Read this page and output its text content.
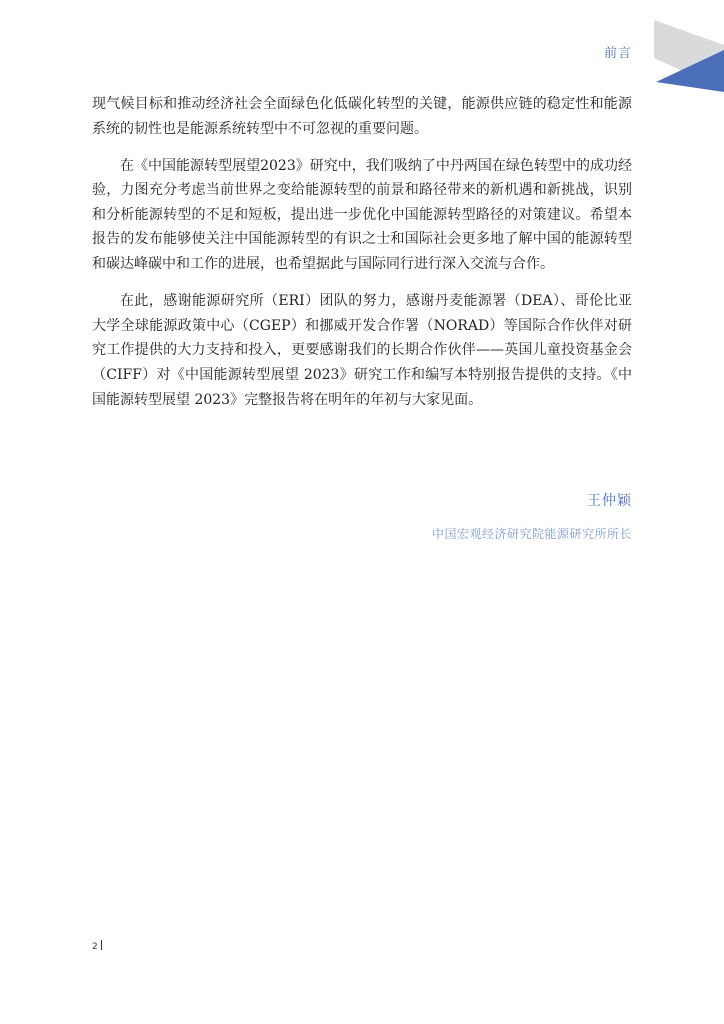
前言

现气候目标和推动经济社会全面绿色化低碳化转型的关键，能源供应链的稳定性和能源系统的韧性也是能源系统转型中不可忽视的重要问题。

在《中国能源转型展望2023》研究中，我们吸纳了中丹两国在绿色转型中的成功经验，力图充分考虑当前世界之变给能源转型的前景和路径带来的新机遇和新挑战，识别和分析能源转型的不足和短板，提出进一步优化中国能源转型路径的对策建议。希望本报告的发布能够使关注中国能源转型的有识之士和国际社会更多地了解中国的能源转型和碳达峰碳中和工作的进展，也希望据此与国际同行进行深入交流与合作。

在此，感谢能源研究所（ERI）团队的努力，感谢丹麦能源署（DEA）、哥伦比亚大学全球能源政策中心（CGEP）和挪威开发合作署（NORAD）等国际合作伙伴对研究工作提供的大力支持和投入，更要感谢我们的长期合作伙伴——英国儿童投资基金会（CIFF）对《中国能源转型展望 2023》研究工作和编写本特别报告提供的支持。《中国能源转型展望 2023》完整报告将在明年的年初与大家见面。

王仲颖
中国宏观经济研究院能源研究所所长
2
